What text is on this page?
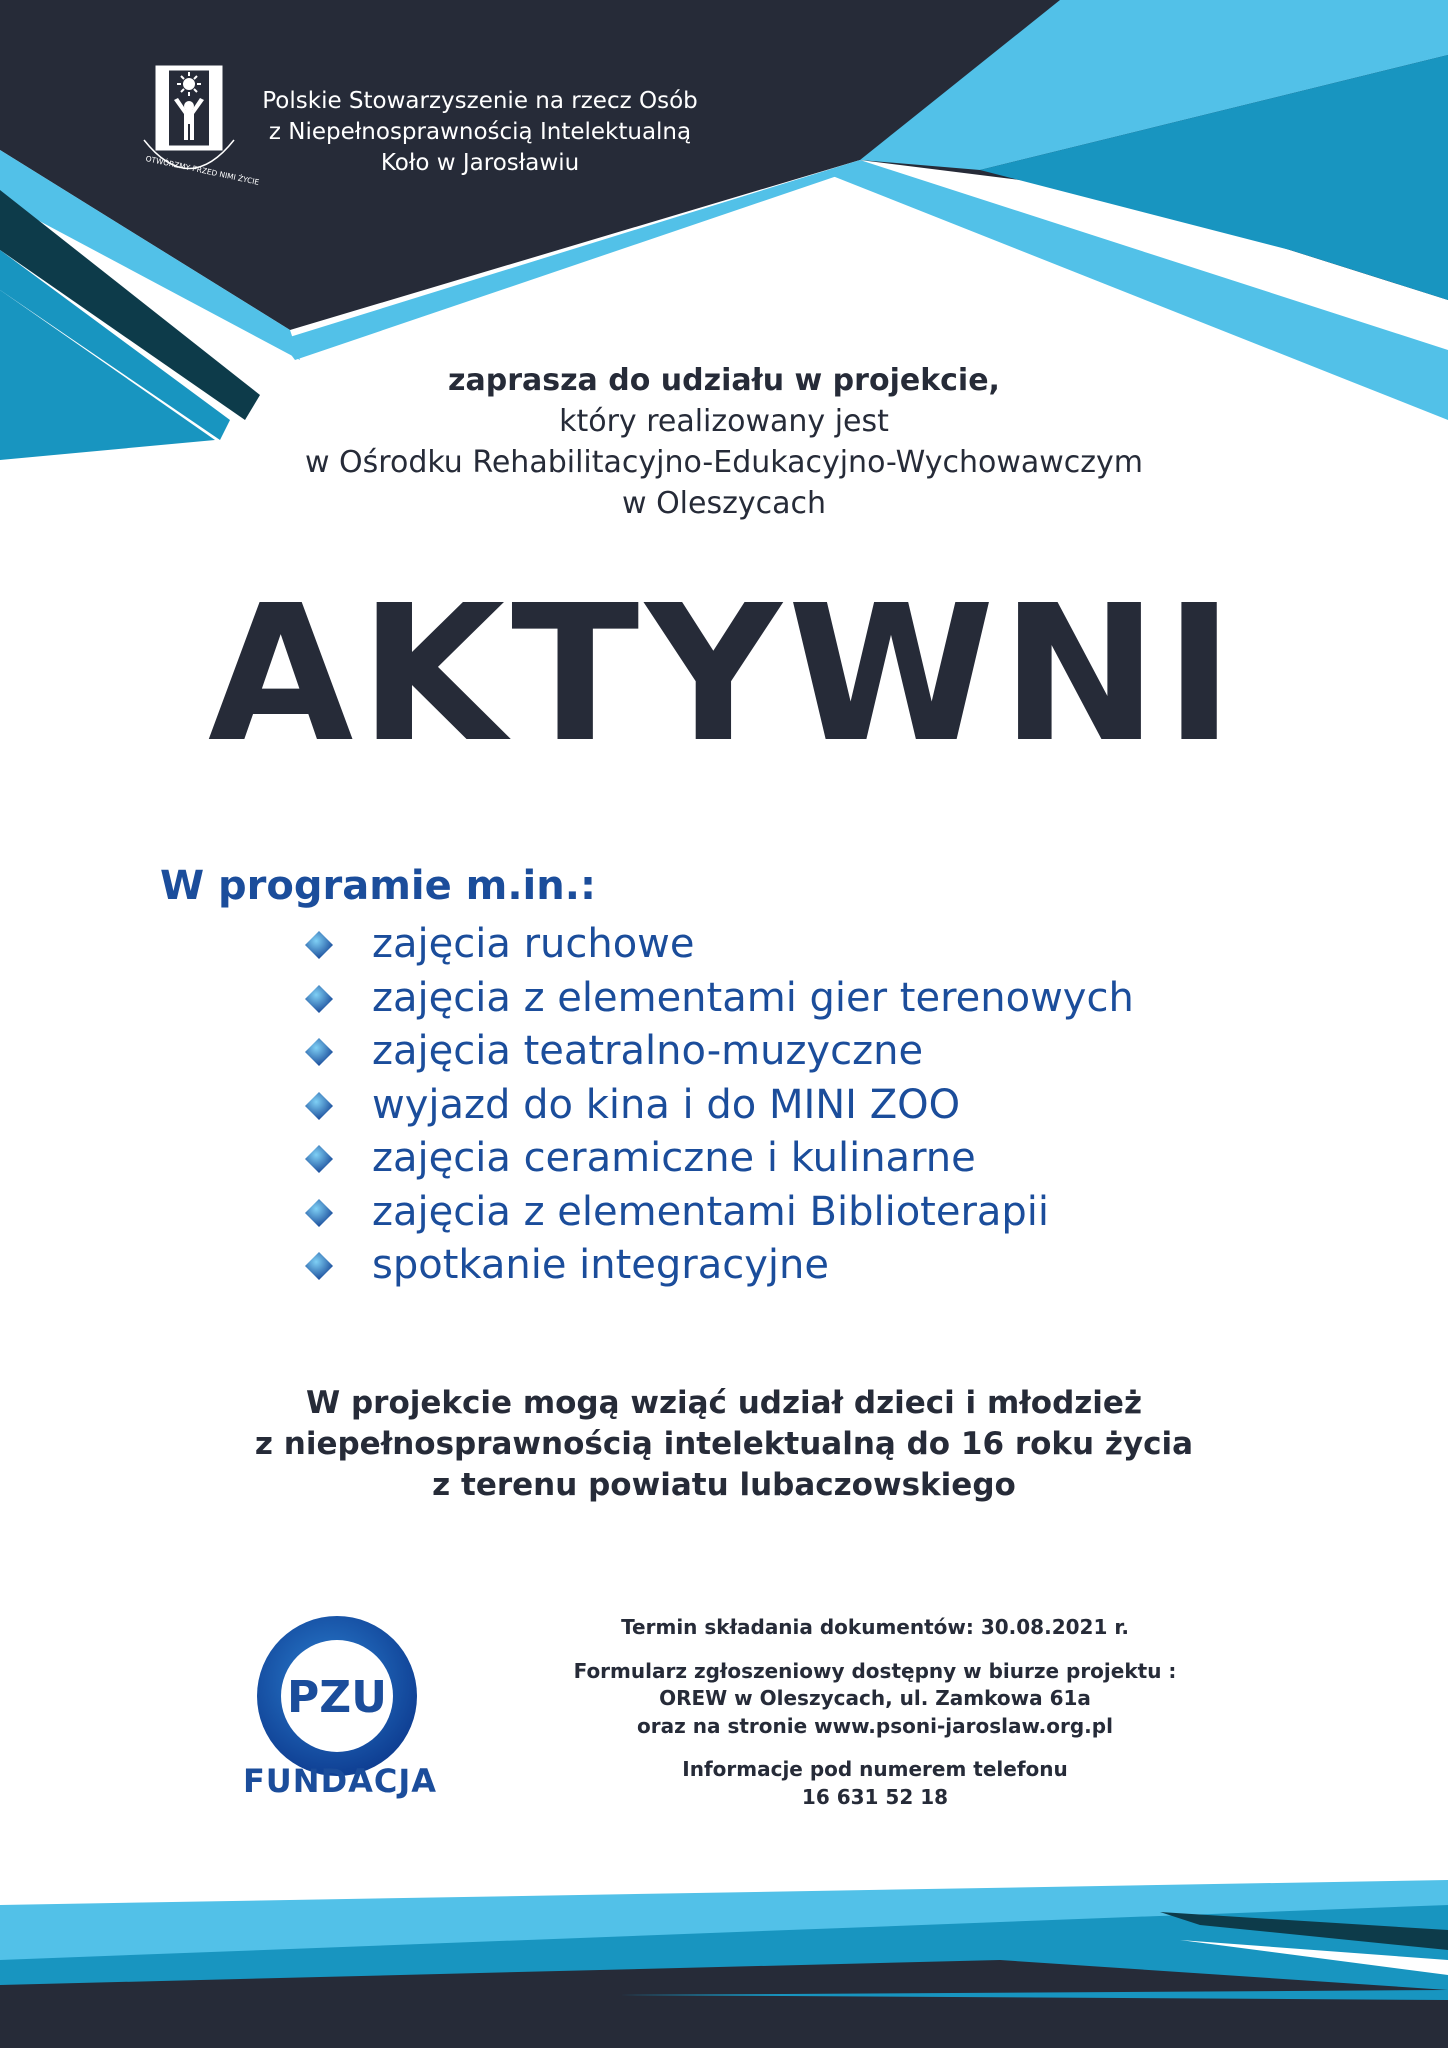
OTWÓRZMY PRZED NIMI ŻYCIE
Polskie Stowarzyszenie na rzecz Osób
z Niepełnosprawnością Intelektualną
Koło w Jarosławiu
zaprasza do udziału w projekcie,
który realizowany jest
w Ośrodku Rehabilitacyjno-Edukacyjno-Wychowawczym
w Oleszycach
AKTYWNI
W programie m.in.:
zajęcia ruchowe
zajęcia z elementami gier terenowych
zajęcia teatralno-muzyczne
wyjazd do kina i do MINI ZOO
zajęcia ceramiczne i kulinarne
zajęcia z elementami Biblioterapii
spotkanie integracyjne
W projekcie mogą wziąć udział dzieci i młodzież
z niepełnosprawnością intelektualną do 16 roku życia
z terenu powiatu lubaczowskiego
PZU
FUNDACJA
Termin składania dokumentów: 30.08.2021 r.
Formularz zgłoszeniowy dostępny w biurze projektu :
OREW w Oleszycach, ul. Zamkowa 61a
oraz na stronie www.psoni-jaroslaw.org.pl
Informacje pod numerem telefonu
16 631 52 18
